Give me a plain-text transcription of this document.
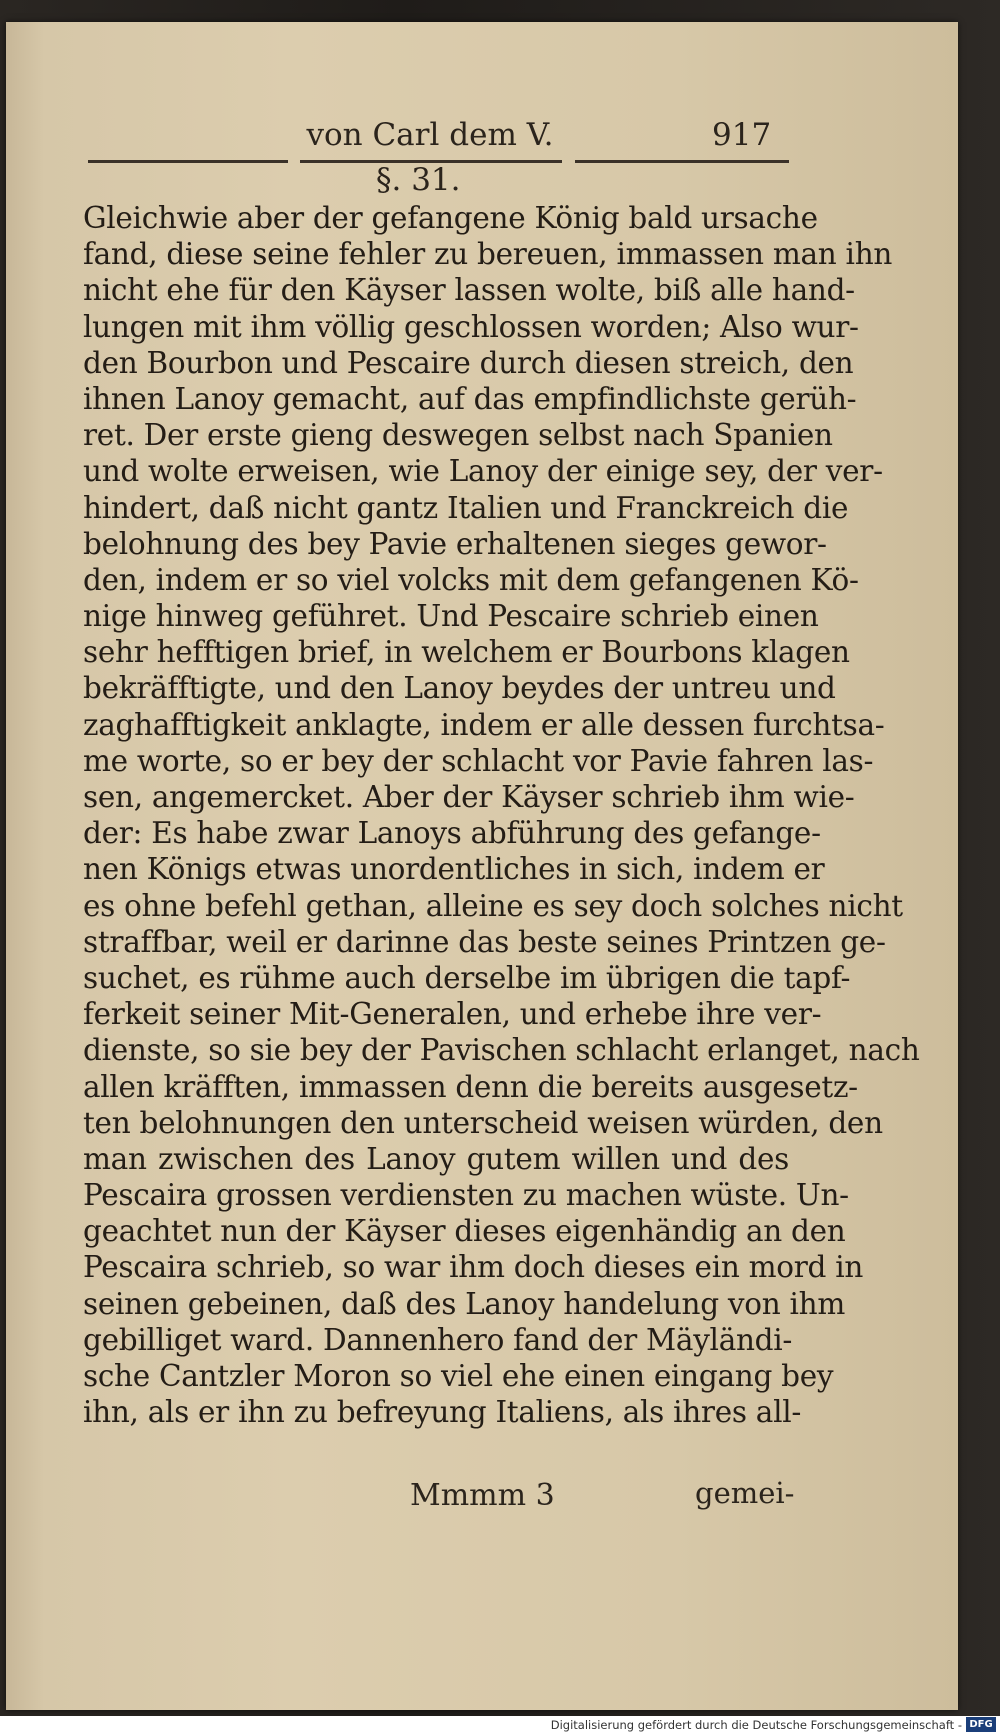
von Carl dem V.	917
§. 31.
Gleichwie aber der gefangene König bald ursache
fand, diese seine fehler zu bereuen, immassen man ihn
nicht ehe für den Käyser lassen wolte, biß alle hand-
lungen mit ihm völlig geschlossen worden; Also wur-
den Bourbon und Pescaire durch diesen streich, den
ihnen Lanoy gemacht, auf das empfindlichste gerüh-
ret. Der erste gieng deswegen selbst nach Spanien
und wolte erweisen, wie Lanoy der einige sey, der ver-
hindert, daß nicht gantz Italien und Franckreich die
belohnung des bey Pavie erhaltenen sieges gewor-
den, indem er so viel volcks mit dem gefangenen Kö-
nige hinweg geführet. Und Pescaire schrieb einen
sehr hefftigen brief, in welchem er Bourbons klagen
bekräfftigte, und den Lanoy beydes der untreu und
zaghafftigkeit anklagte, indem er alle dessen furchtsa-
me worte, so er bey der schlacht vor Pavie fahren las-
sen, angemercket. Aber der Käyser schrieb ihm wie-
der: Es habe zwar Lanoys abführung des gefange-
nen Königs etwas unordentliches in sich, indem er
es ohne befehl gethan, alleine es sey doch solches nicht
straffbar, weil er darinne das beste seines Printzen ge-
suchet, es rühme auch derselbe im übrigen die tapf-
ferkeit seiner Mit-Generalen, und erhebe ihre ver-
dienste, so sie bey der Pavischen schlacht erlanget, nach
allen kräfften, immassen denn die bereits ausgesetz-
ten belohnungen den unterscheid weisen würden, den
man zwischen des Lanoy gutem willen und des
Pescaira grossen verdiensten zu machen wüste. Un-
geachtet nun der Käyser dieses eigenhändig an den
Pescaira schrieb, so war ihm doch dieses ein mord in
seinen gebeinen, daß des Lanoy handelung von ihm
gebilliget ward. Dannenhero fand der Mäyländi-
sche Cantzler Moron so viel ehe einen eingang bey
ihn, als er ihn zu befreyung Italiens, als ihres all-
Mmmm 3	gemei-
Digitalisierung gefördert durch die Deutsche Forschungsgemeinschaft - DFG
